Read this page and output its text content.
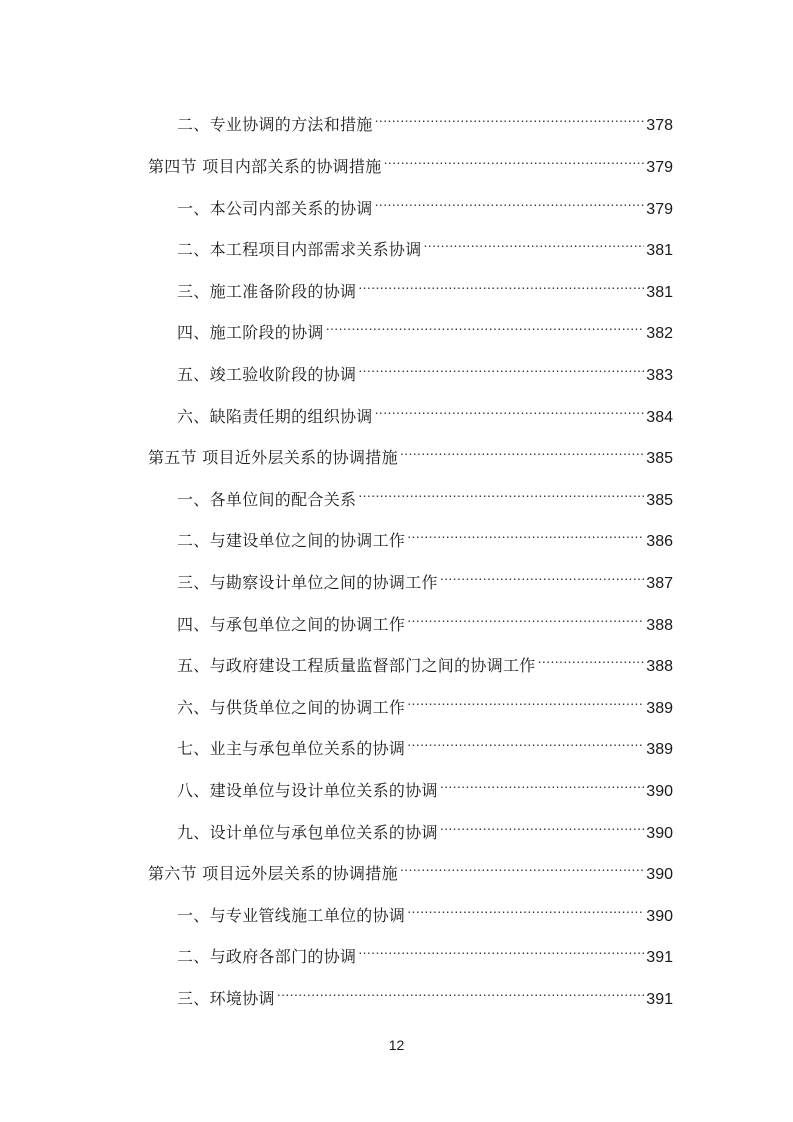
二、专业协调的方法和措施 .....	378
第四节 项目内部关系的协调措施 .....	379
一、本公司内部关系的协调 .....	379
二、本工程项目内部需求关系协调 .....	381
三、施工准备阶段的协调 .....	381
四、施工阶段的协调 .....	382
五、竣工验收阶段的协调 .....	383
六、缺陷责任期的组织协调 .....	384
第五节 项目近外层关系的协调措施 .....	385
一、各单位间的配合关系 .....	385
二、与建设单位之间的协调工作 .....	386
三、与勘察设计单位之间的协调工作 .....	387
四、与承包单位之间的协调工作 .....	388
五、与政府建设工程质量监督部门之间的协调工作 .....	388
六、与供货单位之间的协调工作 .....	389
七、业主与承包单位关系的协调 .....	389
八、建设单位与设计单位关系的协调 .....	390
九、设计单位与承包单位关系的协调 .....	390
第六节 项目远外层关系的协调措施 .....	390
一、与专业管线施工单位的协调 .....	390
二、与政府各部门的协调 .....	391
三、环境协调 .....	391
12
